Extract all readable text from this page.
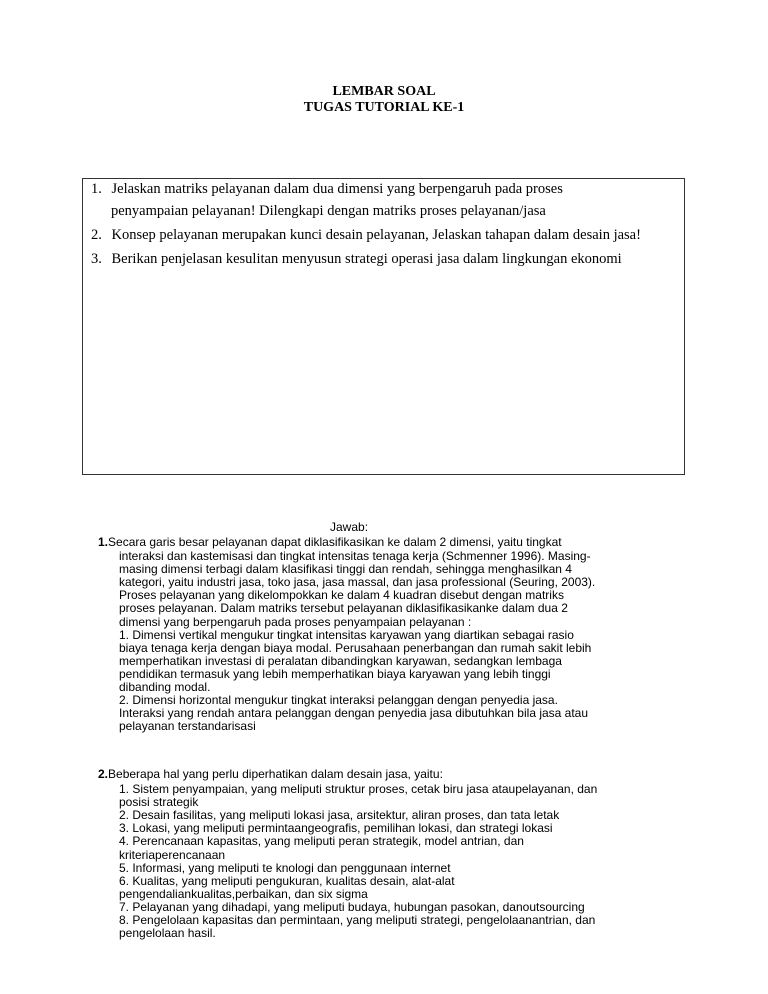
LEMBAR SOAL
TUGAS TUTORIAL KE-1
1. Jelaskan matriks pelayanan dalam dua dimensi yang berpengaruh pada proses
penyampaian pelayanan! Dilengkapi dengan matriks proses pelayanan/jasa
2. Konsep pelayanan merupakan kunci desain pelayanan, Jelaskan tahapan dalam desain jasa!
3. Berikan penjelasan kesulitan menyusun strategi operasi jasa dalam lingkungan ekonomi
Jawab:
1.Secara garis besar pelayanan dapat diklasifikasikan ke dalam 2 dimensi, yaitu tingkat
interaksi dan kastemisasi dan tingkat intensitas tenaga kerja (Schmenner 1996). Masing-
masing dimensi terbagi dalam klasifikasi tinggi dan rendah, sehingga menghasilkan 4
kategori, yaitu industri jasa, toko jasa, jasa massal, dan jasa professional (Seuring, 2003).
Proses pelayanan yang dikelompokkan ke dalam 4 kuadran disebut dengan matriks
proses pelayanan. Dalam matriks tersebut pelayanan diklasifikasikanke dalam dua 2
dimensi yang berpengaruh pada proses penyampaian pelayanan :
1. Dimensi vertikal mengukur tingkat intensitas karyawan yang diartikan sebagai rasio
biaya tenaga kerja dengan biaya modal. Perusahaan penerbangan dan rumah sakit lebih
memperhatikan investasi di peralatan dibandingkan karyawan, sedangkan lembaga
pendidikan termasuk yang lebih memperhatikan biaya karyawan yang lebih tinggi
dibanding modal.
2. Dimensi horizontal mengukur tingkat interaksi pelanggan dengan penyedia jasa.
Interaksi yang rendah antara pelanggan dengan penyedia jasa dibutuhkan bila jasa atau
pelayanan terstandarisasi
2.Beberapa hal yang perlu diperhatikan dalam desain jasa, yaitu:
1. Sistem penyampaian, yang meliputi struktur proses, cetak biru jasa ataupelayanan, dan
posisi strategik
2. Desain fasilitas, yang meliputi lokasi jasa, arsitektur, aliran proses, dan tata letak
3. Lokasi, yang meliputi permintaangeografis, pemilihan lokasi, dan strategi lokasi
4. Perencanaan kapasitas, yang meliputi peran strategik, model antrian, dan
kriteriaperencanaan
5. Informasi, yang meliputi te knologi dan penggunaan internet
6. Kualitas, yang meliputi pengukuran, kualitas desain, alat-alat
pengendaliankualitas,perbaikan, dan six sigma
7. Pelayanan yang dihadapi, yang meliputi budaya, hubungan pasokan, danoutsourcing
8. Pengelolaan kapasitas dan permintaan, yang meliputi strategi, pengelolaanantrian, dan
pengelolaan hasil.
